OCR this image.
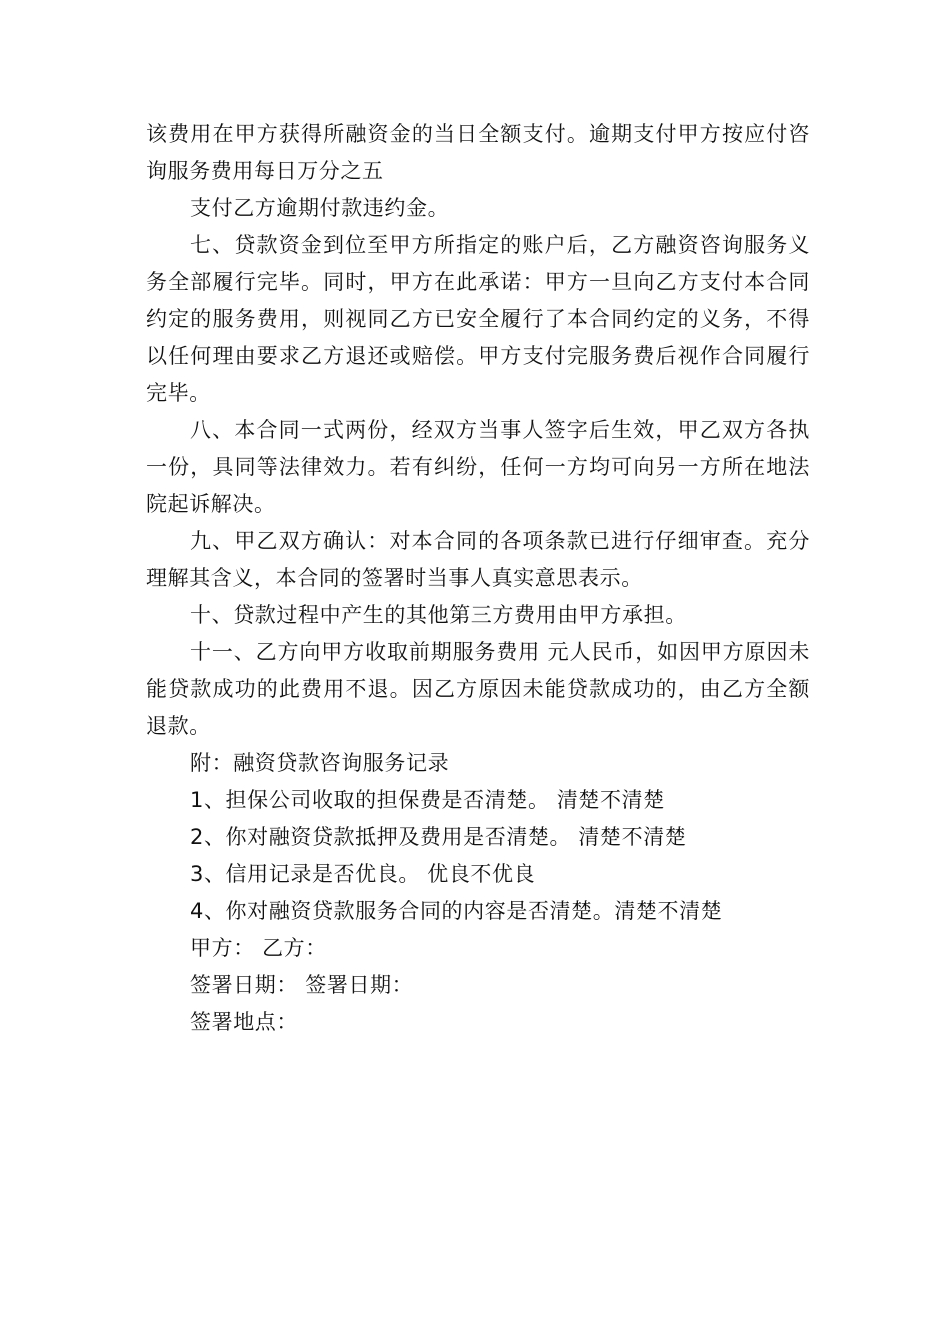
该费用在甲方获得所融资金的当日全额支付。逾期支付甲方按应付咨询服务费用每日万分之五

支付乙方逾期付款违约金。

七、贷款资金到位至甲方所指定的账户后，乙方融资咨询服务义务全部履行完毕。同时，甲方在此承诺：甲方一旦向乙方支付本合同约定的服务费用，则视同乙方已安全履行了本合同约定的义务，不得以任何理由要求乙方退还或赔偿。甲方支付完服务费后视作合同履行完毕。

八、本合同一式两份，经双方当事人签字后生效，甲乙双方各执一份，具同等法律效力。若有纠纷，任何一方均可向另一方所在地法院起诉解决。

九、甲乙双方确认：对本合同的各项条款已进行仔细审查。充分理解其含义，本合同的签署时当事人真实意思表示。

十、贷款过程中产生的其他第三方费用由甲方承担。

十一、乙方向甲方收取前期服务费用 元人民币，如因甲方原因未能贷款成功的此费用不退。因乙方原因未能贷款成功的，由乙方全额退款。

附：融资贷款咨询服务记录

1、担保公司收取的担保费是否清楚。 清楚不清楚

2、你对融资贷款抵押及费用是否清楚。 清楚不清楚

3、信用记录是否优良。 优良不优良

4、你对融资贷款服务合同的内容是否清楚。清楚不清楚

甲方： 乙方：

签署日期： 签署日期：

签署地点：
